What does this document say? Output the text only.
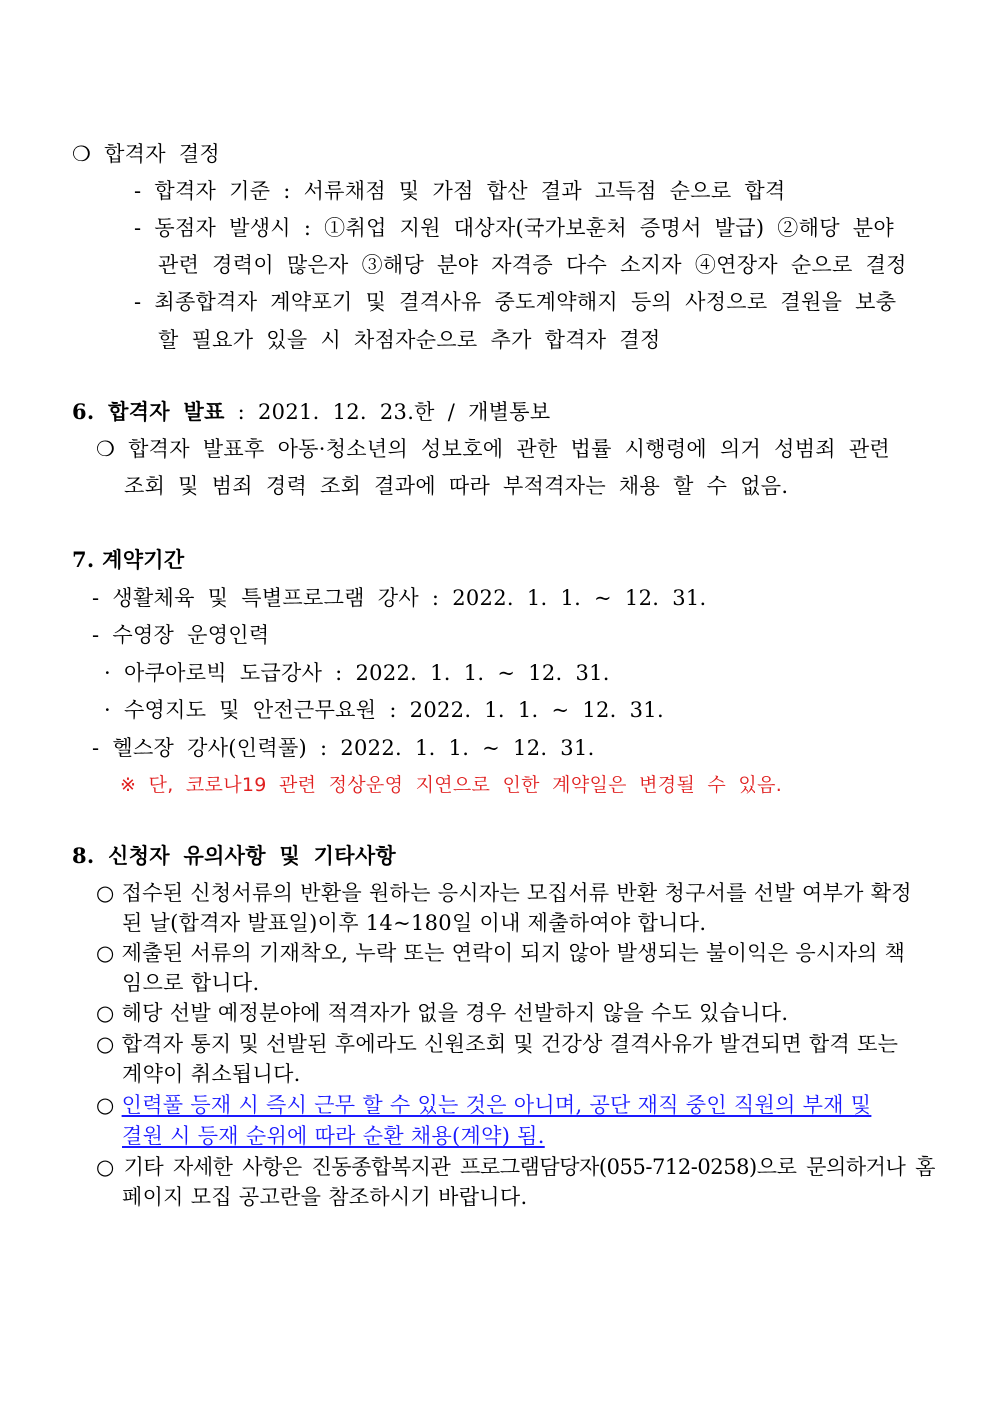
❍ 합격자 결정
- 합격자 기준 : 서류채점 및 가점 합산 결과 고득점 순으로 합격
- 동점자 발생시 : ①취업 지원 대상자(국가보훈처 증명서 발급) ②해당 분야
관련 경력이 많은자 ③해당 분야 자격증 다수 소지자 ④연장자 순으로 결정
- 최종합격자 계약포기 및 결격사유 중도계약해지 등의 사정으로 결원을 보충
할 필요가 있을 시 차점자순으로 추가 합격자 결정
6. 합격자 발표 : 2021. 12. 23.한 / 개별통보
❍ 합격자 발표후 아동·청소년의 성보호에 관한 법률 시행령에 의거 성범죄 관련
조회 및 범죄 경력 조회 결과에 따라 부적격자는 채용 할 수 없음.
7. 계약기간
- 생활체육 및 특별프로그램 강사 : 2022. 1. 1. ~ 12. 31.
- 수영장 운영인력
· 아쿠아로빅 도급강사 : 2022. 1. 1. ~ 12. 31.
· 수영지도 및 안전근무요원 : 2022. 1. 1. ~ 12. 31.
- 헬스장 강사(인력풀) : 2022. 1. 1. ~ 12. 31.
※ 단, 코로나19 관련 정상운영 지연으로 인한 계약일은 변경될 수 있음.
8. 신청자 유의사항 및 기타사항
○ 접수된 신청서류의 반환을 원하는 응시자는 모집서류 반환 청구서를 선발 여부가 확정
된 날(합격자 발표일)이후 14~180일 이내 제출하여야 합니다.
○ 제출된 서류의 기재착오, 누락 또는 연락이 되지 않아 발생되는 불이익은 응시자의 책
임으로 합니다.
○ 헤당 선발 예정분야에 적격자가 없을 경우 선발하지 않을 수도 있습니다.
○ 합격자 통지 및 선발된 후에라도 신원조회 및 건강상 결격사유가 발견되면 합격 또는
계약이 취소됩니다.
○ 인력풀 등재 시 즉시 근무 할 수 있는 것은 아니며, 공단 재직 중인 직원의 부재 및
결원 시 등재 순위에 따라 순환 채용(계약) 됨.
○ 기타 자세한 사항은 진동종합복지관 프로그램담당자(055-712-0258)으로 문의하거나 홈
페이지 모집 공고란을 참조하시기 바랍니다.
